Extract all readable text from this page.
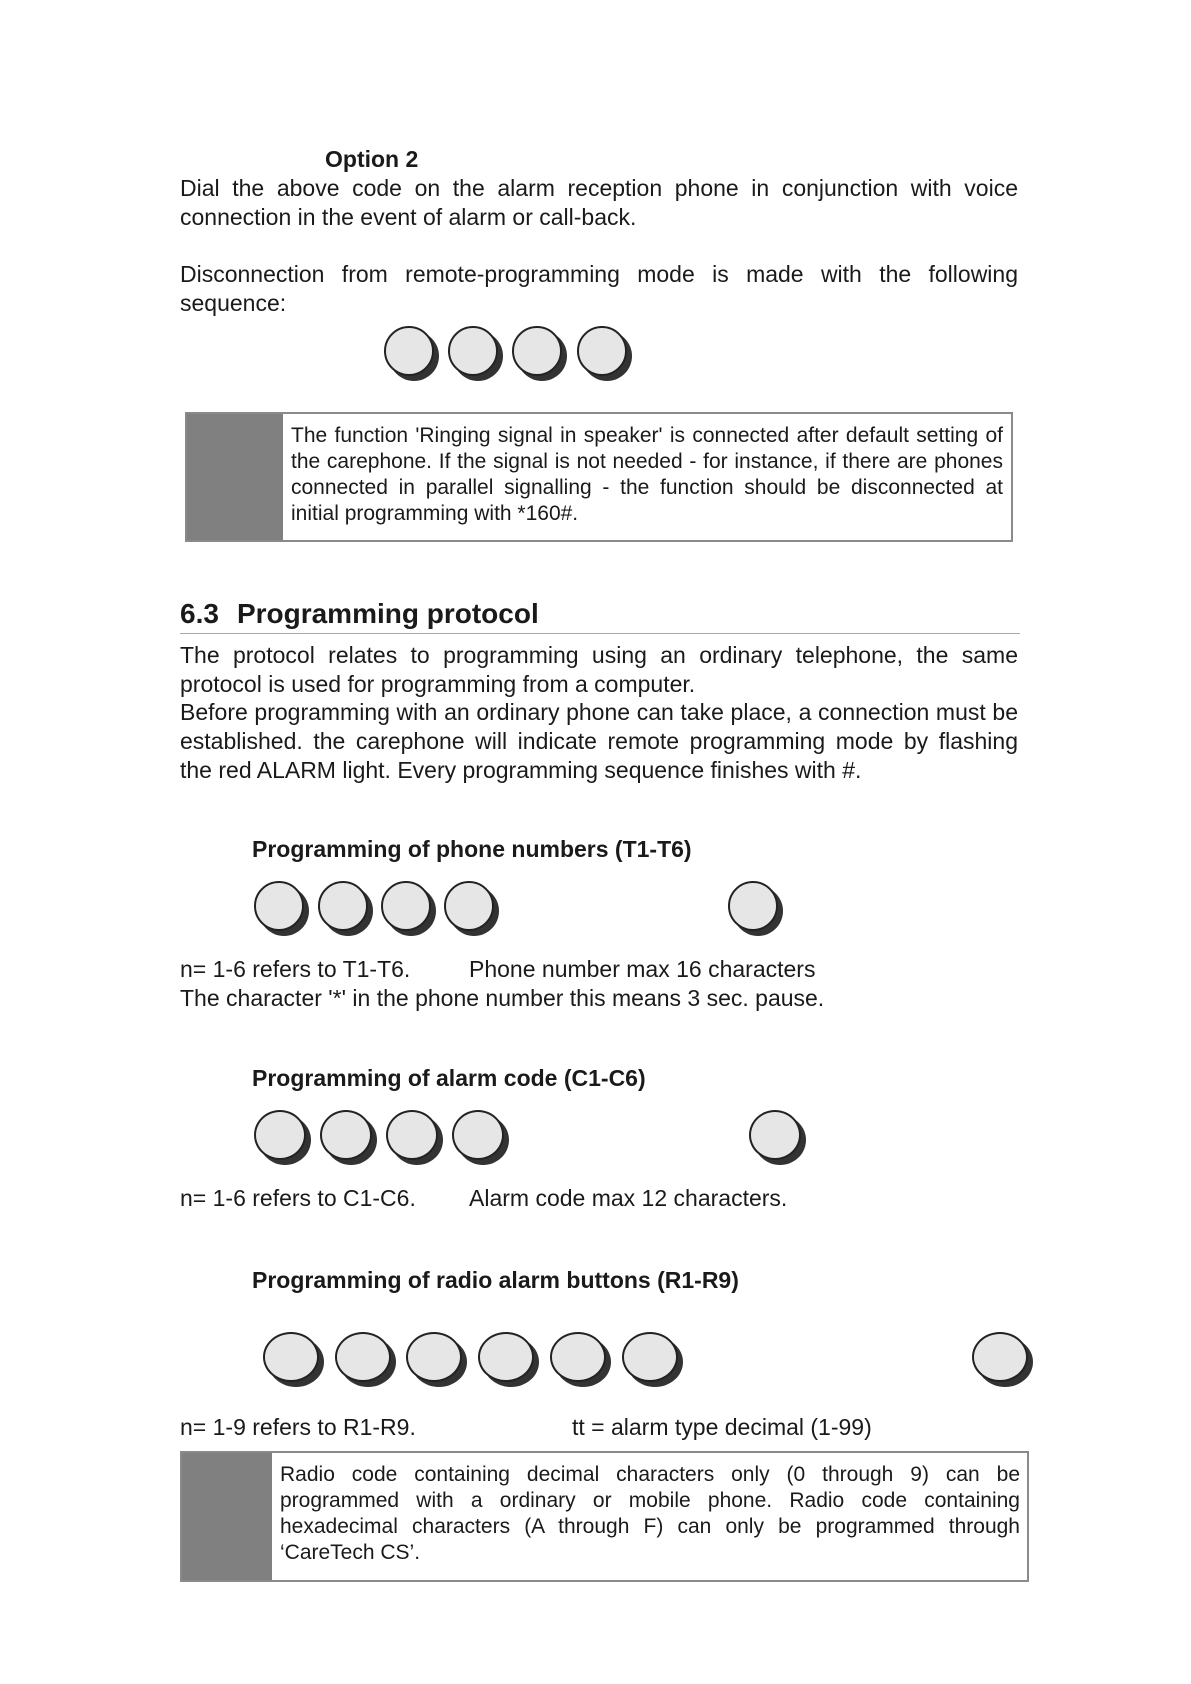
Option 2
Dial the above code on the alarm reception phone in conjunction with voice connection in the event of alarm or call-back.
Disconnection from remote-programming mode is made with the following sequence:
The function 'Ringing signal in speaker' is connected after default setting of the carephone. If the signal is not needed - for instance, if there are phones connected in parallel signalling - the function should be disconnected at initial programming with *160#.
6.3 Programming protocol
The protocol relates to programming using an ordinary telephone, the same protocol is used for programming from a computer.
Before programming with an ordinary phone can take place, a connection must be established. the carephone will indicate remote programming mode by flashing the red ALARM light. Every programming sequence finishes with #.
Programming of phone numbers (T1-T6)
n= 1-6 refers to T1-T6.	Phone number max 16 characters
The character '*' in the phone number this means 3 sec. pause.
Programming of alarm code (C1-C6)
n= 1-6 refers to C1-C6. Alarm code max 12 characters.
Programming of radio alarm buttons (R1-R9)
n= 1-9 refers to R1-R9.	tt = alarm type decimal (1-99)
Radio code containing decimal characters only (0 through 9) can be programmed with a ordinary or mobile phone. Radio code containing hexadecimal characters (A through F) can only be programmed through ‘CareTech CS’.
